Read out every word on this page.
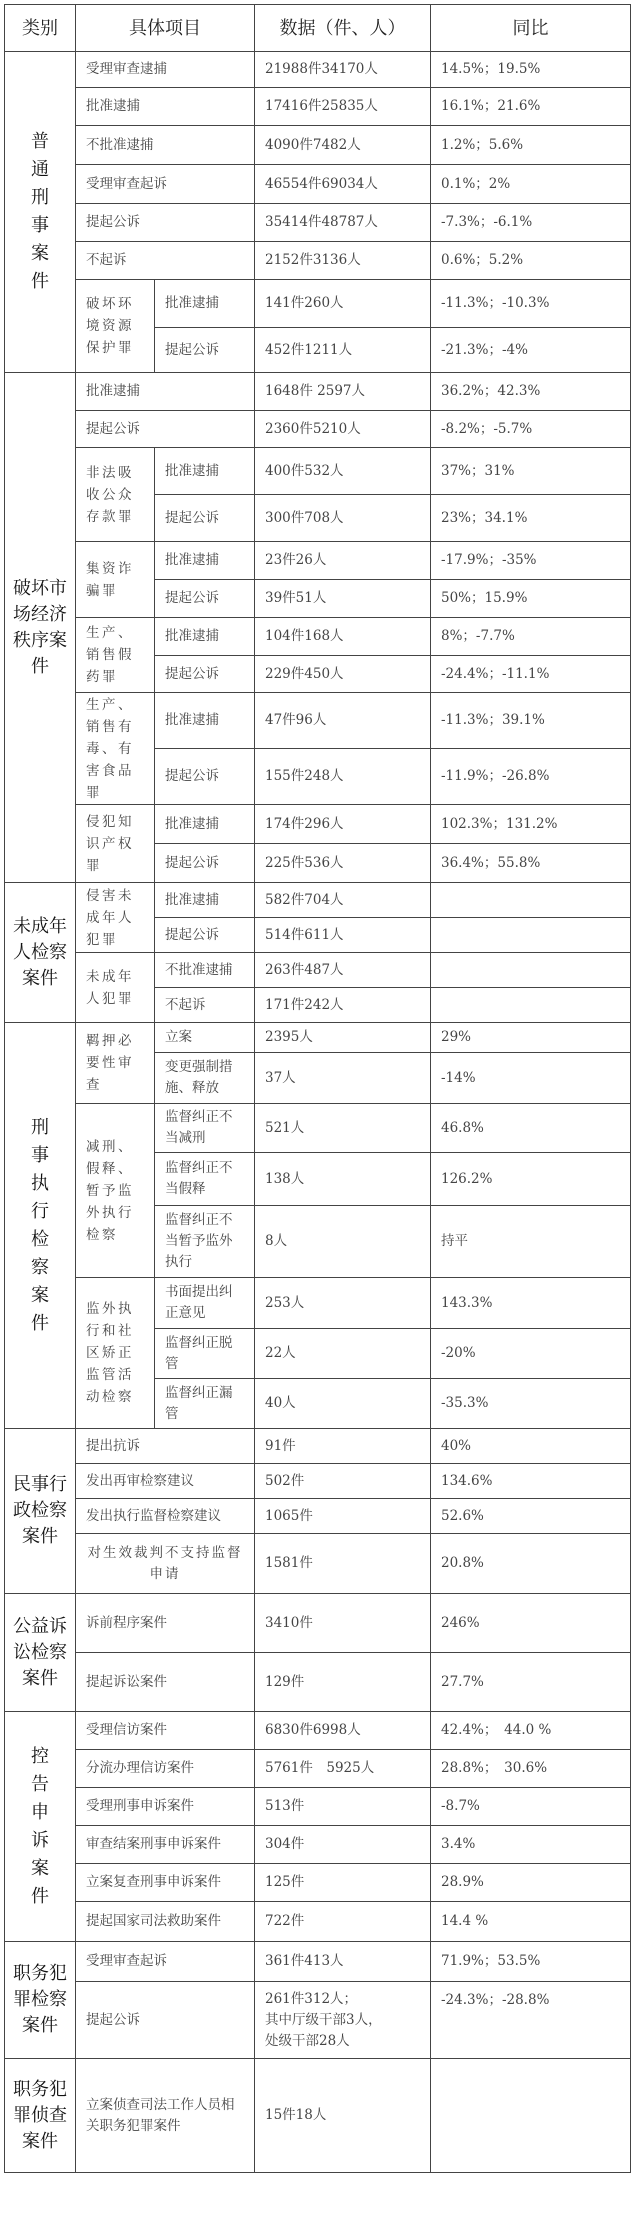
类别	具体项目		数据（件、人）	同比
普通刑事案件	受理审查逮捕		21988件34170人	14.5%；19.5%
	批准逮捕		17416件25835人	16.1%；21.6%
	不批准逮捕		4090件7482人	1.2%；5.6%
	受理审查起诉		46554件69034人	0.1%；2%
	提起公诉		35414件48787人	-7.3%；-6.1%
	不起诉		2152件3136人	0.6%；5.2%
	破坏环境资源保护罪	批准逮捕	141件260人	-11.3%；-10.3%
		提起公诉	452件1211人	-21.3%；-4%
破坏市场经济秩序案件	批准逮捕		1648件 2597人	36.2%；42.3%
	提起公诉		2360件5210人	-8.2%；-5.7%
	非法吸收公众存款罪	批准逮捕	400件532人	37%；31%
		提起公诉	300件708人	23%；34.1%
	集资诈骗罪	批准逮捕	23件26人	-17.9%；-35%
		提起公诉	39件51人	50%；15.9%
	生产、销售假药罪	批准逮捕	104件168人	8%；-7.7%
		提起公诉	229件450人	-24.4%；-11.1%
	生产、销售有毒、有害食品罪	批准逮捕	47件96人	-11.3%；39.1%
		提起公诉	155件248人	-11.9%；-26.8%
	侵犯知识产权罪	批准逮捕	174件296人	102.3%；131.2%
		提起公诉	225件536人	36.4%；55.8%
未成年人检察案件	侵害未成年人犯罪	批准逮捕	582件704人	
		提起公诉	514件611人	
	未成年人犯罪	不批准逮捕	263件487人	
		不起诉	171件242人	
刑事执行检察案件	羁押必要性审查	立案	2395人	29%
		变更强制措施、释放	37人	-14%
	减刑、假释、暂予监外执行检察	监督纠正不当减刑	521人	46.8%
		监督纠正不当假释	138人	126.2%
		监督纠正不当暂予监外执行	8人	持平
	监外执行和社区矫正监管活动检察	书面提出纠正意见	253人	143.3%
		监督纠正脱管	22人	-20%
		监督纠正漏管	40人	-35.3%
民事行政检察案件	提出抗诉		91件	40%
	发出再审检察建议		502件	134.6%
	发出执行监督检察建议		1065件	52.6%
	对生效裁判不支持监督申请		1581件	20.8%
公益诉讼检察案件	诉前程序案件		3410件	246%
	提起诉讼案件		129件	27.7%
控告申诉案件	受理信访案件		6830件6998人	42.4%；　44.0 %
	分流办理信访案件		5761件　5925人	28.8%；　30.6%
	受理刑事申诉案件		513件	-8.7%
	审查结案刑事申诉案件		304件	3.4%
	立案复查刑事申诉案件		125件	28.9%
	提起国家司法救助案件		722件	14.4 %
职务犯罪检察案件	受理审查起诉		361件413人	71.9%；53.5%
	提起公诉		261件312人；
其中厅级干部3人，
处级干部28人	-24.3%；-28.8%
职务犯罪侦查案件	立案侦查司法工作人员相关职务犯罪案件		15件18人	
